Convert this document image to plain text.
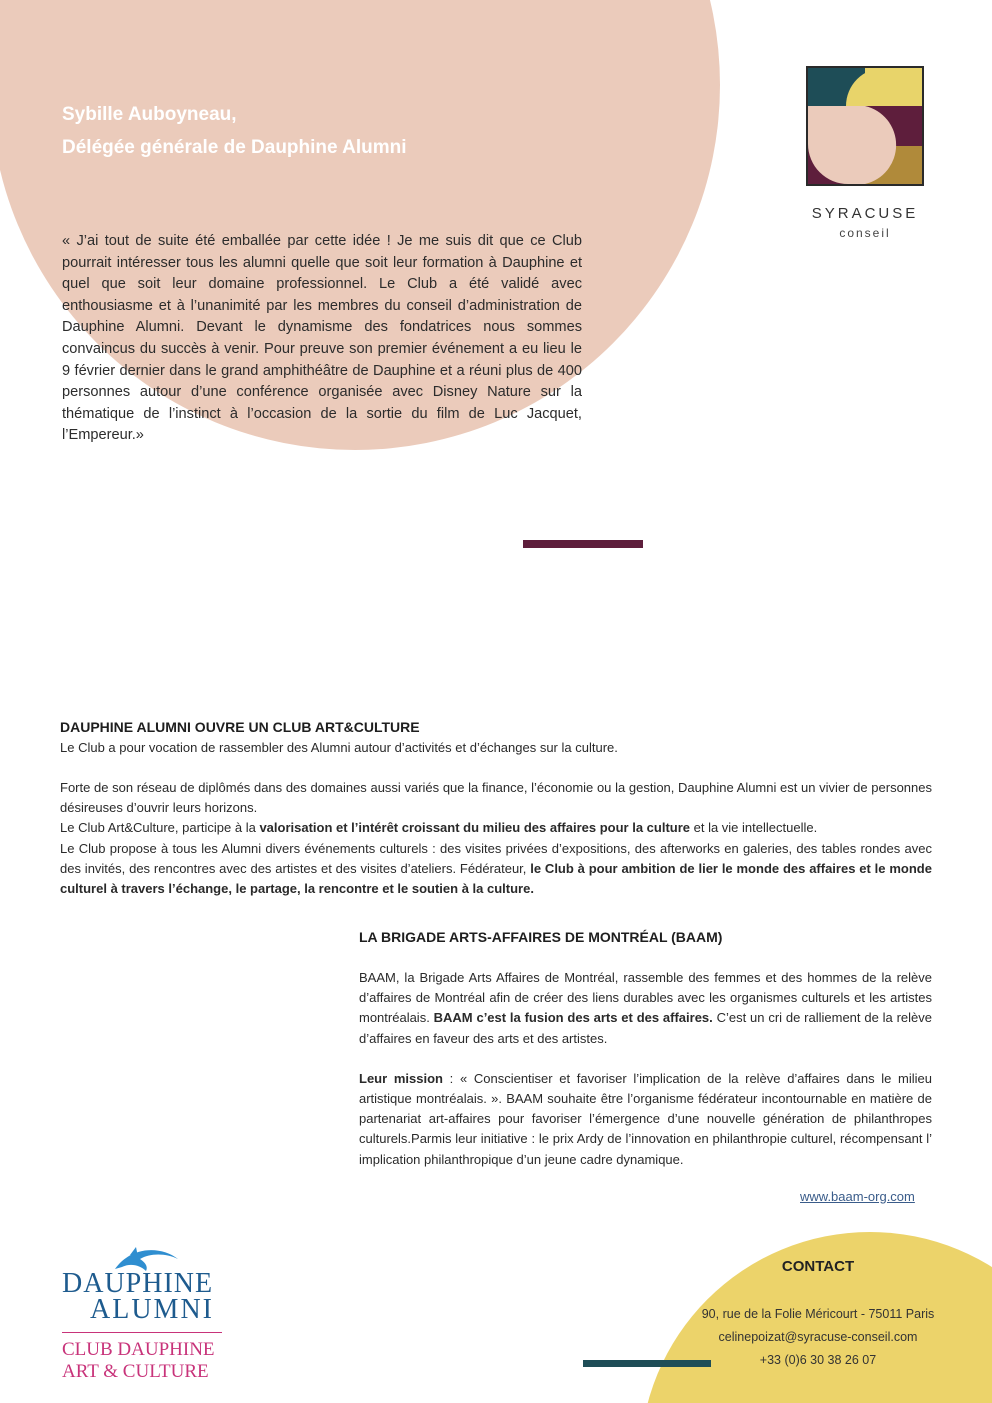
Sybille Auboyneau,
Délégée générale de Dauphine Alumni

« J’ai tout de suite été emballée par cette idée ! Je me suis dit que ce Club pourrait intéresser tous les alumni quelle que soit leur formation à Dauphine et quel que soit leur domaine professionnel. Le Club a été validé avec enthousiasme et à l’unanimité par les membres du conseil d’administration de Dauphine Alumni. Devant le dynamisme des fondatrices nous sommes convaincus du succès à venir. Pour preuve son premier événement a eu lieu le 9 février dernier dans le grand amphithéâtre de Dauphine et a réuni plus de 400 personnes autour d’une conférence organisée avec Disney Nature sur la thématique de l’instinct à l’occasion de la sortie du film de Luc Jacquet, l’Empereur.»

SYRACUSE
conseil
DAUPHINE ALUMNI OUVRE UN CLUB ART&CULTURE

Le Club a pour vocation de rassembler des Alumni autour d’activités et d’échanges sur la culture.

Forte de son réseau de diplômés dans des domaines aussi variés que la finance, l’économie ou la gestion, Dauphine Alumni est un vivier de personnes désireuses d’ouvrir leurs horizons.

Le Club Art&Culture, participe à la valorisation et l’intérêt croissant du milieu des affaires pour la culture et la vie intellectuelle.

Le Club propose à tous les Alumni divers événements culturels : des visites privées d’expositions, des afterworks en galeries, des tables rondes avec des invités, des rencontres avec des artistes et des visites d’ateliers. Fédérateur, le Club à pour ambition de lier le monde des affaires et le monde culturel à travers l’échange, le partage, la rencontre et le soutien à la culture.

LA BRIGADE ARTS-AFFAIRES DE MONTRÉAL (BAAM)

BAAM, la Brigade Arts Affaires de Montréal, rassemble des femmes et des hommes de la relève d’affaires de Montréal afin de créer des liens durables avec les organismes culturels et les artistes montréalais. BAAM c’est la fusion des arts et des affaires. C’est un cri de ralliement de la relève d’affaires en faveur des arts et des artistes.

Leur mission : « Conscientiser et favoriser l’implication de la relève d’affaires dans le milieu artistique montréalais. ». BAAM souhaite être l’organisme fédérateur incontournable en matière de partenariat art-affaires pour favoriser l’émergence d’une nouvelle génération de philanthropes culturels.Parmis leur initiative : le prix Ardy de l’innovation en philanthropie culturel, récompensant l’ implication philanthropique d’un jeune cadre dynamique.

www.baam-org.com
CONTACT
90, rue de la Folie Méricourt - 75011 Paris
celinepoizat@syracuse-conseil.com
+33 (0)6 30 38 26 07
DAUPHINE
ALUMNI
CLUB DAUPHINE
ART & CULTURE
